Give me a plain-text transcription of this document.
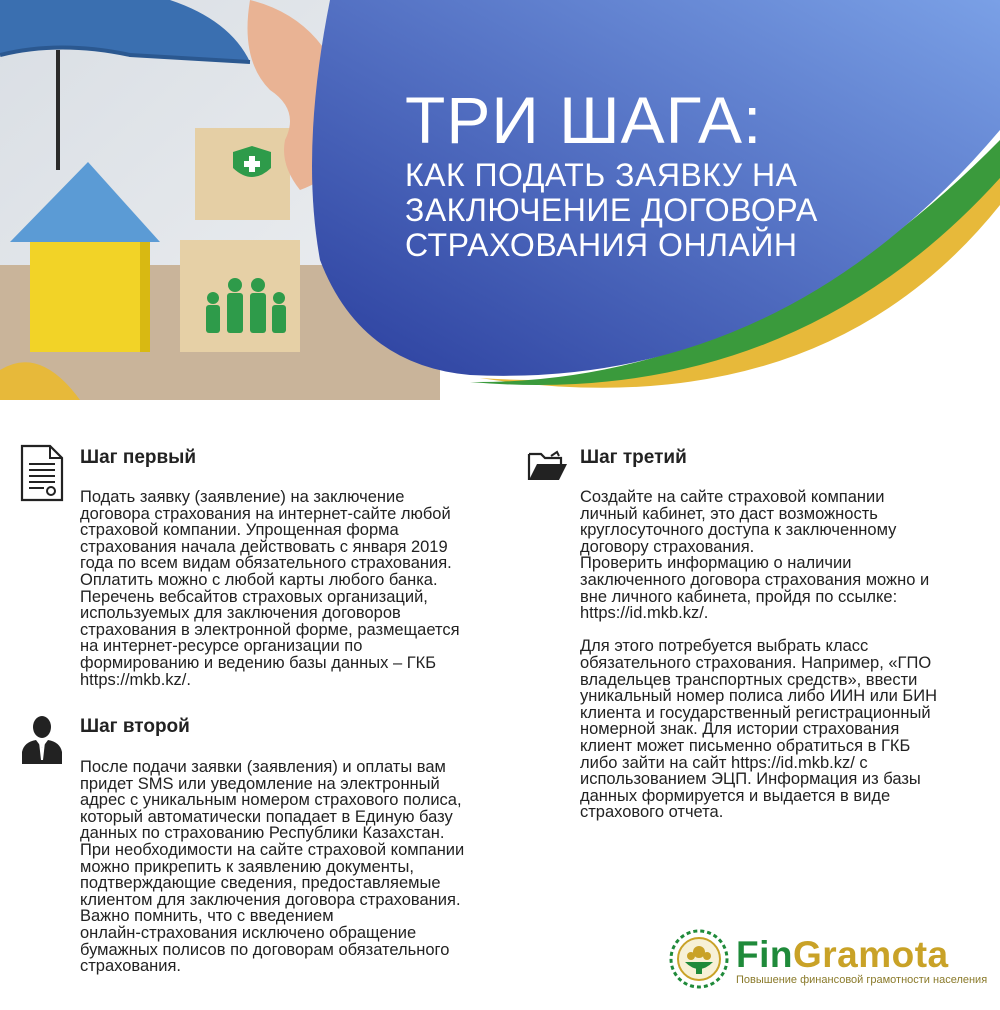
ТРИ ШАГА:
КАК ПОДАТЬ ЗАЯВКУ НА
ЗАКЛЮЧЕНИЕ ДОГОВОРА
СТРАХОВАНИЯ ОНЛАЙН
Шаг первый
Подать заявку (заявление) на заключение
договора страхования на интернет-сайте любой
страховой компании. Упрощенная форма
страхования начала действовать с января 2019
года по всем видам обязательного страхования.
Оплатить можно с любой карты любого банка.
Перечень вебсайтов страховых организаций,
используемых для заключения договоров
страхования в электронной форме, размещается
на интернет-ресурсе организации по
формированию и ведению базы данных – ГКБ
https://mkb.kz/.
Шаг второй
После подачи заявки (заявления) и оплаты вам
придет SMS или уведомление на электронный
адрес с уникальным номером страхового полиса,
который автоматически попадает в Единую базу
данных по страхованию Республики Казахстан.
При необходимости на сайте страховой компании
можно прикрепить к заявлению документы,
подтверждающие сведения, предоставляемые
клиентом для заключения договора страхования.
Важно помнить, что с введением
онлайн-страхования исключено обращение
бумажных полисов по договорам обязательного
страхования.
Шаг третий
Создайте на сайте страховой компании
личный кабинет, это даст возможность
круглосуточного доступа к заключенному
договору страхования.
Проверить информацию о наличии
заключенного договора страхования можно и
вне личного кабинета, пройдя по ссылке:
https://id.mkb.kz/.
Для этого потребуется выбрать класс
обязательного страхования. Например, «ГПО
владельцев транспортных средств», ввести
уникальный номер полиса либо ИИН или БИН
клиента и государственный регистрационный
номерной знак. Для истории страхования
клиент может письменно обратиться в ГКБ
либо зайти на сайт https://id.mkb.kz/ с
использованием ЭЦП. Информация из базы
данных формируется и выдается в виде
страхового отчета.
FinGramota
Повышение финансовой грамотности населения
